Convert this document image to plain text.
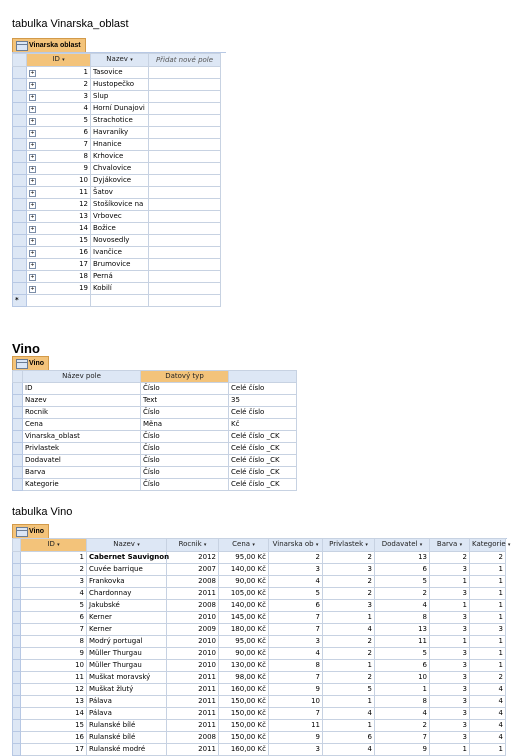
tabulka Vinarska_oblast
Vinarska oblast
	ID ▾	Nazev ▾	Přidat nové pole
	+ 1	Tasovice	
	+ 2	Hustopečko	
	+ 3	Slup	
	+ 4	Horní Dunajovi	
	+ 5	Strachotice	
	+ 6	Havraníky	
	+ 7	Hnanice	
	+ 8	Krhovice	
	+ 9	Chvalovice	
	+ 10	Dyjákovice	
	+ 11	Šatov	
	+ 12	Stošíkovice na	
	+ 13	Vrbovec	
	+ 14	Božice	
	+ 15	Novosedly	
	+ 16	Ivančice	
	+ 17	Brumovice	
	+ 18	Perná	
	+ 19	Kobilí	
*			
Vino
Vino
	Název pole	Datový typ	
	ID	Číslo	Celé číslo
	Nazev	Text	35
	Rocnik	Číslo	Celé číslo
	Cena	Měna	Kč
	Vinarska_oblast	Číslo	Celé číslo _CK
	Privlastek	Číslo	Celé číslo _CK
	Dodavatel	Číslo	Celé číslo _CK
	Barva	Číslo	Celé číslo _CK
	Kategorie	Číslo	Celé číslo _CK
tabulka Vino
Vino
	ID ▾	Nazev ▾	Rocnik ▾	Cena ▾	Vinarska ob ▾	Privlastek ▾	Dodavatel ▾	Barva ▾	Kategorie ▾
	1	Cabernet Sauvignon	2012	95,00 Kč	2	2	13	2	2
	2	Cuvée barrique	2007	140,00 Kč	3	3	6	3	1
	3	Frankovka	2008	90,00 Kč	4	2	5	1	1
	4	Chardonnay	2011	105,00 Kč	5	2	2	3	1
	5	Jakubské	2008	140,00 Kč	6	3	4	1	1
	6	Kerner	2010	145,00 Kč	7	1	8	3	1
	7	Kerner	2009	180,00 Kč	7	4	13	3	3
	8	Modrý portugal	2010	95,00 Kč	3	2	11	1	1
	9	Müller Thurgau	2010	90,00 Kč	4	2	5	3	1
	10	Müller Thurgau	2010	130,00 Kč	8	1	6	3	1
	11	Muškat moravský	2011	98,00 Kč	7	2	10	3	2
	12	Muškat žlutý	2011	160,00 Kč	9	5	1	3	4
	13	Pálava	2011	150,00 Kč	10	1	8	3	4
	14	Pálava	2011	150,00 Kč	7	4	4	3	4
	15	Rulanské bílé	2011	150,00 Kč	11	1	2	3	4
	16	Rulanské bílé	2008	150,00 Kč	9	6	7	3	4
	17	Rulanské modré	2011	160,00 Kč	3	4	9	1	1
